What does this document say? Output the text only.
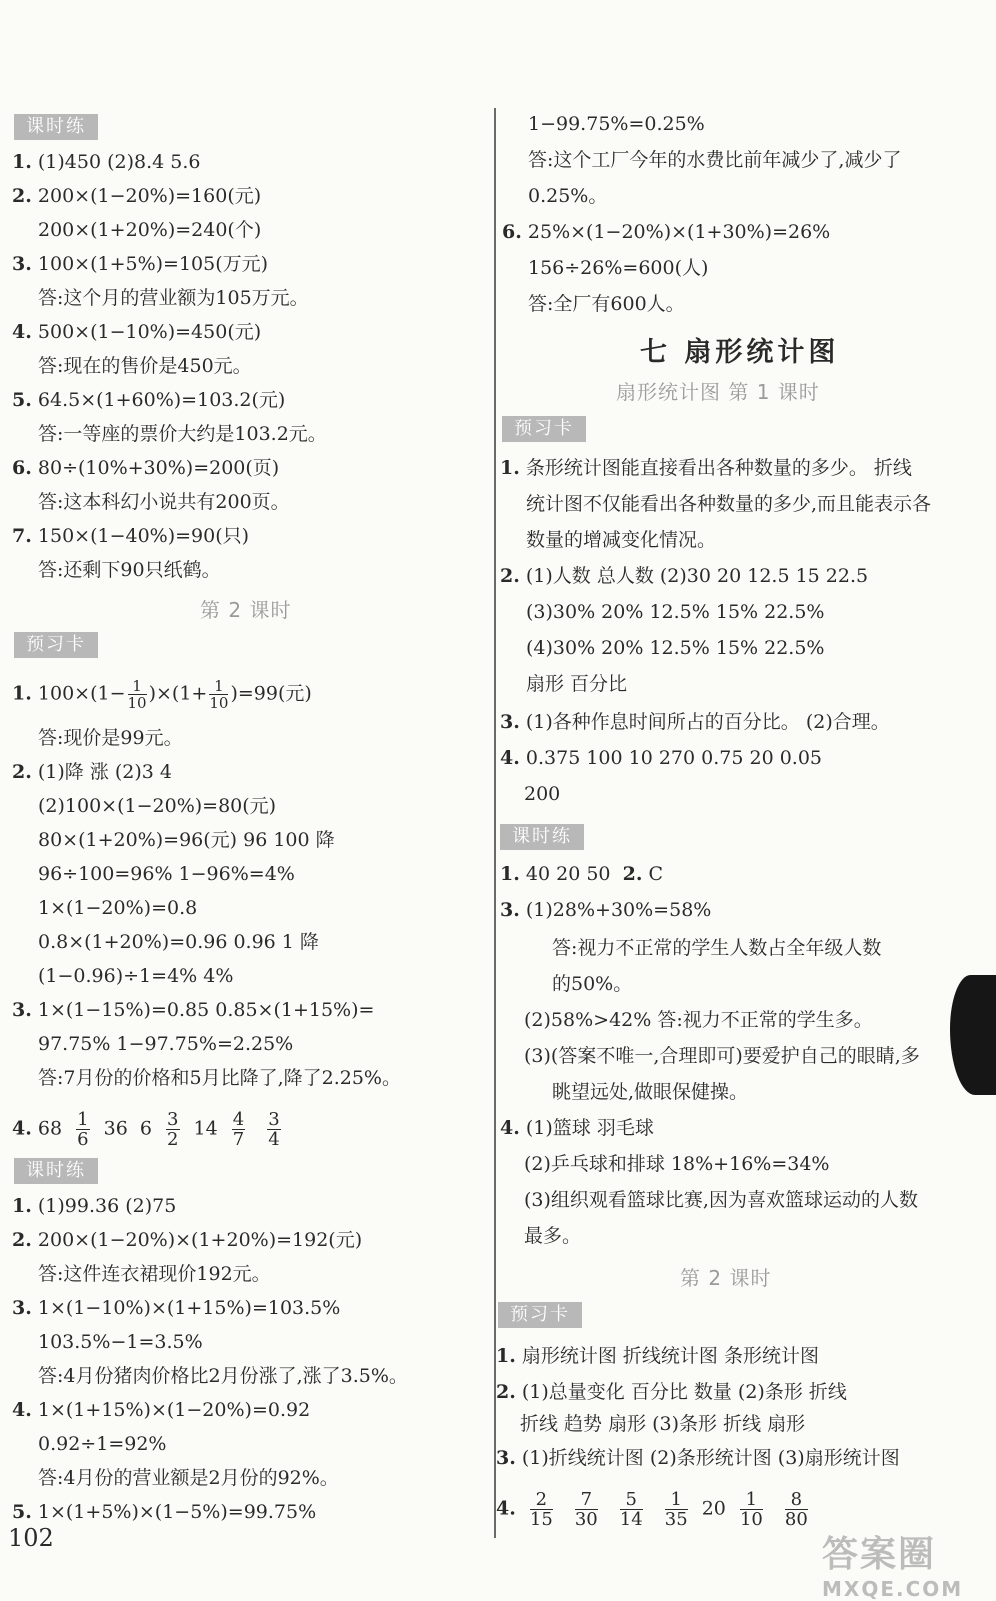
课时练
1. (1)450 (2)8.4 5.6
2. 200×(1−20%)=160(元)
200×(1+20%)=240(个)
3. 100×(1+5%)=105(万元)
答:这个月的营业额为105万元。
4. 500×(1−10%)=450(元)
答:现在的售价是450元。
5. 64.5×(1+60%)=103.2(元)
答:一等座的票价大约是103.2元。
6. 80÷(10%+30%)=200(页)
答:这本科幻小说共有200页。
7. 150×(1−40%)=90(只)
答:还剩下90只纸鹤。
第 2 课时
预习卡
1. $100\times(1- \frac{1}{10} )\times(1+ \frac{1}{10} )=99$(元)
答:现价是99元。
2. (1)降 涨 (2)3 4
(2)100×(1−20%)=80(元)
80×(1+20%)=96(元) 96 100 降
96÷100=96% 1−96%=4%
1×(1−20%)=0.8
0.8×(1+20%)=0.96 0.96 1 降
(1−0.96)÷1=4% 4%
3. 1×(1−15%)=0.85 0.85×(1+15%)=
97.75% 1−97.75%=2.25%
答:7月份的价格和5月比降了,降了2.25%。
4. $68 \frac{1}{6} 36$ $6 \frac{3}{2} 14 \frac{4}{7}$
$\frac{3}{4}$
课时练
1. (1)99.36 (2)75
2. 200×(1−20%)×(1+20%)=192(元)
答:这件连衣裙现价192元。
3. 1×(1−10%)×(1+15%)=103.5%
103.5%−1=3.5%
答:4月份猪肉价格比2月份涨了,涨了3.5%。
4. 1×(1+15%)×(1−20%)=0.92
0.92÷1=92%
答:4月份的营业额是2月份的92%。
5. 1×(1+5%)×(1−5%)=99.75%
102
1−99.75%=0.25%
答:这个工厂今年的水费比前年减少了,减少了
0.25%。
6. 25%×(1−20%)×(1+30%)=26%
156÷26%=600(人)
答:全厂有600人。
七 扇形统计图
扇形统计图 第 1 课时
预习卡
1. 条形统计图能直接看出各种数量的多少。 折线
统计图不仅能看出各种数量的多少,而且能表示各
数量的增减变化情况。
2. (1)人数 总人数 (2)30 20 12.5 15 22.5
(3)30% 20% 12.5% 15% 22.5%
(4)30% 20% 12.5% 15% 22.5%
扇形 百分比
3. (1)各种作息时间所占的百分比。 (2)合理。
4. 0.375 100 10 270 0.75 20 0.05
200
课时练
1. 40 20 50 2. C
3. (1)28%+30%=58%
答:视力不正常的学生人数占全年级人数
的50%。
(2)58%>42% 答:视力不正常的学生多。
(3)(答案不唯一,合理即可)要爱护自己的眼睛,多
眺望远处,做眼保健操。
4. (1)篮球 羽毛球
(2)乒乓球和排球 18%+16%=34%
(3)组织观看篮球比赛,因为喜欢篮球运动的人数
最多。
第 2 课时
预习卡
1. 扇形统计图 折线统计图 条形统计图
2. (1)总量变化 百分比 数量 (2)条形 折线
折线 趋势 扇形 (3)条形 折线 扇形
3. (1)折线统计图 (2)条形统计图 (3)扇形统计图
4. $\frac{2}{15}$
$\frac{7}{30}$
$\frac{5}{14}$
$\frac{1}{35} 20 \frac{1}{10}$
$\frac{8}{80}$
答案圈
MXQE.COM
